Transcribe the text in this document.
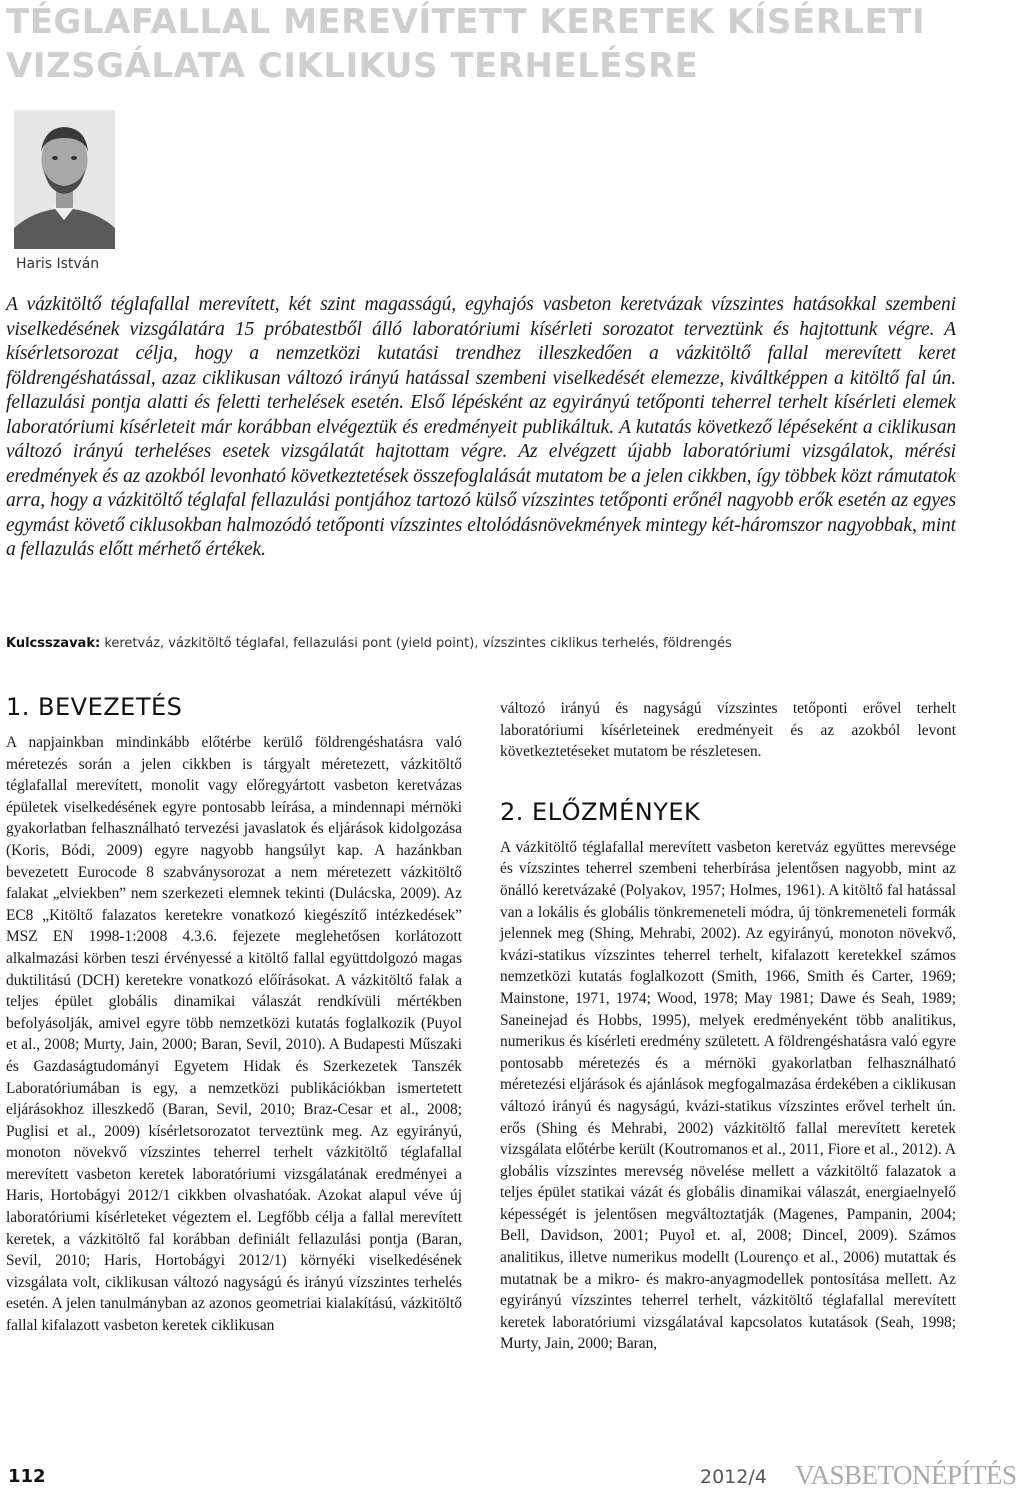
TÉGLAFALLAL MEREVÍTETT KERETEK KÍSÉRLETI VIZSGÁLATA CIKLIKUS TERHELÉSRE

Haris István

A vázkitöltő téglafallal merevített, két szint magasságú, egyhajós vasbeton keretvázak vízszintes hatásokkal szembeni viselkedésének vizsgálatára 15 próbatestből álló laboratóriumi kísérleti sorozatot terveztünk és hajtottunk végre. A kísérletsorozat célja, hogy a nemzetközi kutatási trendhez illeszkedően a vázkitöltő fallal merevített keret földrengéshatással, azaz ciklikusan változó irányú hatással szembeni viselkedését elemezze, kiváltképpen a kitöltő fal ún. fellazulási pontja alatti és feletti terhelések esetén. Első lépésként az egyirányú tetőponti teherrel terhelt kísérleti elemek laboratóriumi kísérleteit már korábban elvégeztük és eredményeit publikáltuk. A kutatás következő lépéseként a ciklikusan változó irányú terheléses esetek vizsgálatát hajtottam végre. Az elvégzett újabb laboratóriumi vizsgálatok, mérési eredmények és az azokból levonható következtetések összefoglalását mutatom be a jelen cikkben, így többek közt rámutatok arra, hogy a vázkitöltő téglafal fellazulási pontjához tartozó külső vízszintes tetőponti erőnél nagyobb erők esetén az egyes egymást követő ciklusokban halmozódó tetőponti vízszintes eltolódásnövekmények mintegy két-háromszor nagyobbak, mint a fellazulás előtt mérhető értékek.

Kulcsszavak: keretváz, vázkitöltő téglafal, fellazulási pont (yield point), vízszintes ciklikus terhelés, földrengés

1. BEVEZETÉS

A napjainkban mindinkább előtérbe kerülő földrengéshatásra való méretezés során a jelen cikkben is tárgyalt méretezett, vázkitöltő téglafallal merevített, monolit vagy előregyártott vasbeton keretvázas épületek viselkedésének egyre pontosabb leírása, a mindennapi mérnöki gyakorlatban felhasználható tervezési javaslatok és eljárások kidolgozása (Koris, Bódi, 2009) egyre nagyobb hangsúlyt kap. A hazánkban bevezetett Eurocode 8 szabványsorozat a nem méretezett vázkitöltő falakat „elviekben” nem szerkezeti elemnek tekinti (Dulácska, 2009). Az EC8 „Kitöltő falazatos keretekre vonatkozó kiegészítő intézkedések” MSZ EN 1998-1:2008 4.3.6. fejezete meglehetősen korlátozott alkalmazási körben teszi érvényessé a kitöltő fallal együttdolgozó magas duktilitású (DCH) keretekre vonatkozó előírásokat. A vázkitöltő falak a teljes épület globális dinamikai válaszát rendkívüli mértékben befolyásolják, amivel egyre több nemzetközi kutatás foglalkozik (Puyol et al., 2008; Murty, Jain, 2000; Baran, Sevil, 2010). A Budapesti Műszaki és Gazdaságtudományi Egyetem Hidak és Szerkezetek Tanszék Laboratóriumában is egy, a nemzetközi publikációkban ismertetett eljárásokhoz illeszkedő (Baran, Sevil, 2010; Braz-Cesar et al., 2008; Puglisi et al., 2009) kísérletsorozatot terveztünk meg. Az egyirányú, monoton növekvő vízszintes teherrel terhelt vázkitöltő téglafallal merevített vasbeton keretek laboratóriumi vizsgálatának eredményei a Haris, Hortobágyi 2012/1 cikkben olvashatóak. Azokat alapul véve új laboratóriumi kísérleteket végeztem el. Legfőbb célja a fallal merevített keretek, a vázkitöltő fal korábban definiált fellazulási pontja (Baran, Sevil, 2010; Haris, Hortobágyi 2012/1) környéki viselkedésének vizsgálata volt, ciklikusan változó nagyságú és irányú vízszintes terhelés esetén. A jelen tanulmányban az azonos geometriai kialakítású, vázkitöltő fallal kifalazott vasbeton keretek ciklikusan

változó irányú és nagyságú vízszintes tetőponti erővel terhelt laboratóriumi kísérleteinek eredményeit és az azokból levont következtetéseket mutatom be részletesen.

2. ELŐZMÉNYEK

A vázkitöltő téglafallal merevített vasbeton keretváz együttes merevsége és vízszintes teherrel szembeni teherbírása jelentősen nagyobb, mint az önálló keretvázaké (Polyakov, 1957; Holmes, 1961). A kitöltő fal hatással van a lokális és globális tönkremeneteli módra, új tönkremeneteli formák jelennek meg (Shing, Mehrabi, 2002). Az egyirányú, monoton növekvő, kvázi-statikus vízszintes teherrel terhelt, kifalazott keretekkel számos nemzetközi kutatás foglalkozott (Smith, 1966, Smith és Carter, 1969; Mainstone, 1971, 1974; Wood, 1978; May 1981; Dawe és Seah, 1989; Saneinejad és Hobbs, 1995), melyek eredményeként több analitikus, numerikus és kísérleti eredmény született. A földrengéshatásra való egyre pontosabb méretezés és a mérnöki gyakorlatban felhasználható méretezési eljárások és ajánlások megfogalmazása érdekében a ciklikusan változó irányú és nagyságú, kvázi-statikus vízszintes erővel terhelt ún. erős (Shing és Mehrabi, 2002) vázkitöltő fallal merevített keretek vizsgálata előtérbe került (Koutromanos et al., 2011, Fiore et al., 2012). A globális vízszintes merevség növelése mellett a vázkitöltő falazatok a teljes épület statikai vázát és globális dinamikai válaszát, energiaelnyelő képességét is jelentősen megváltoztatják (Magenes, Pampanin, 2004; Bell, Davidson, 2001; Puyol et. al, 2008; Dincel, 2009). Számos analitikus, illetve numerikus modellt (Lourenço et al., 2006) mutattak és mutatnak be a mikro- és makro-anyagmodellek pontosítása mellett. Az egyirányú vízszintes teherrel terhelt, vázkitöltő téglafallal merevített keretek laboratóriumi vizsgálatával kapcsolatos kutatások (Seah, 1998; Murty, Jain, 2000; Baran,

112	2012/4 VASBETONÉPÍTÉS
